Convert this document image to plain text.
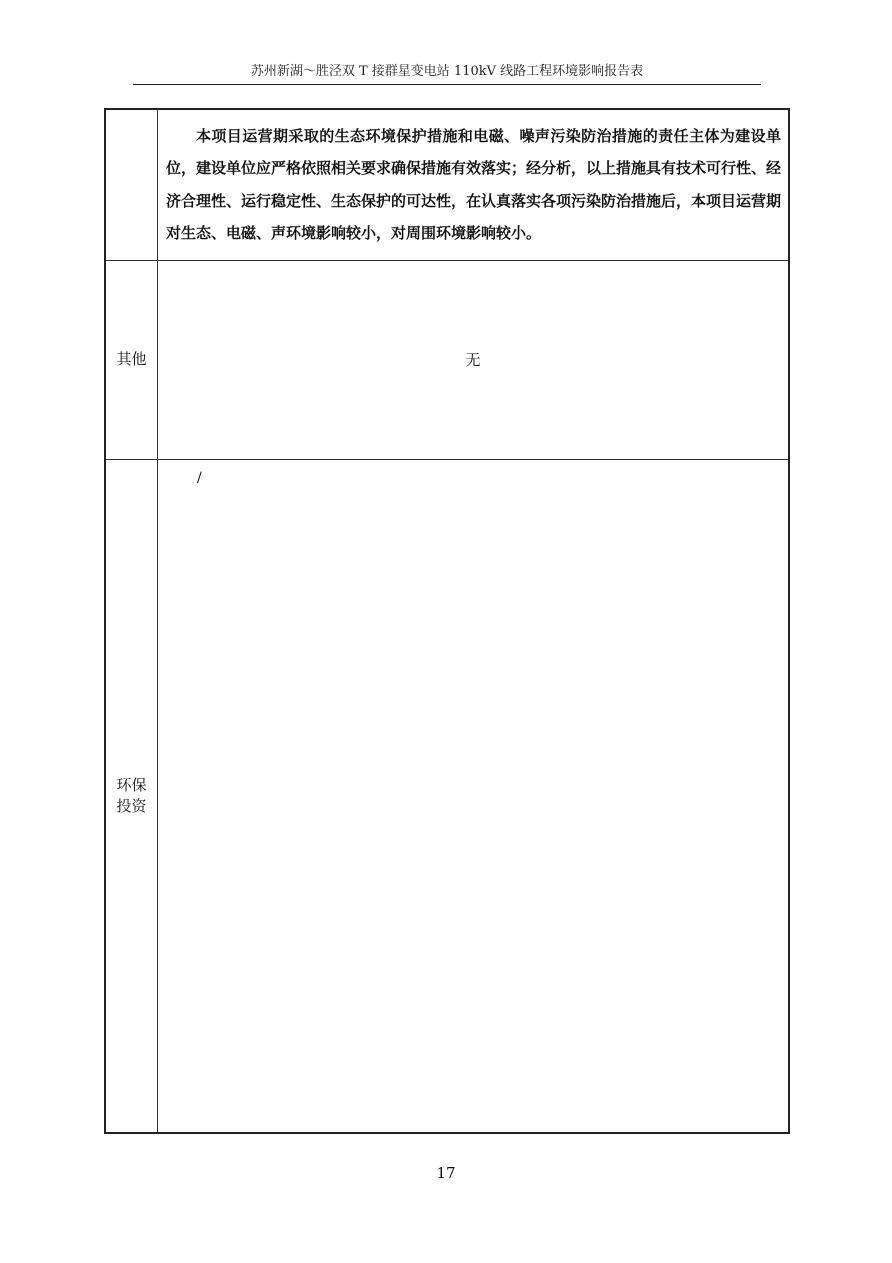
苏州新湖～胜泾双 T 接群星变电站 110kV 线路工程环境影响报告表

	本项目运营期采取的生态环境保护措施和电磁、噪声污染防治措施的责任主体为建设单位，建设单位应严格依照相关要求确保措施有效落实；经分析，以上措施具有技术可行性、经济合理性、运行稳定性、生态保护的可达性，在认真落实各项污染防治措施后，本项目运营期对生态、电磁、声环境影响较小，对周围环境影响较小。

其他	无

环保
投资	/
17
